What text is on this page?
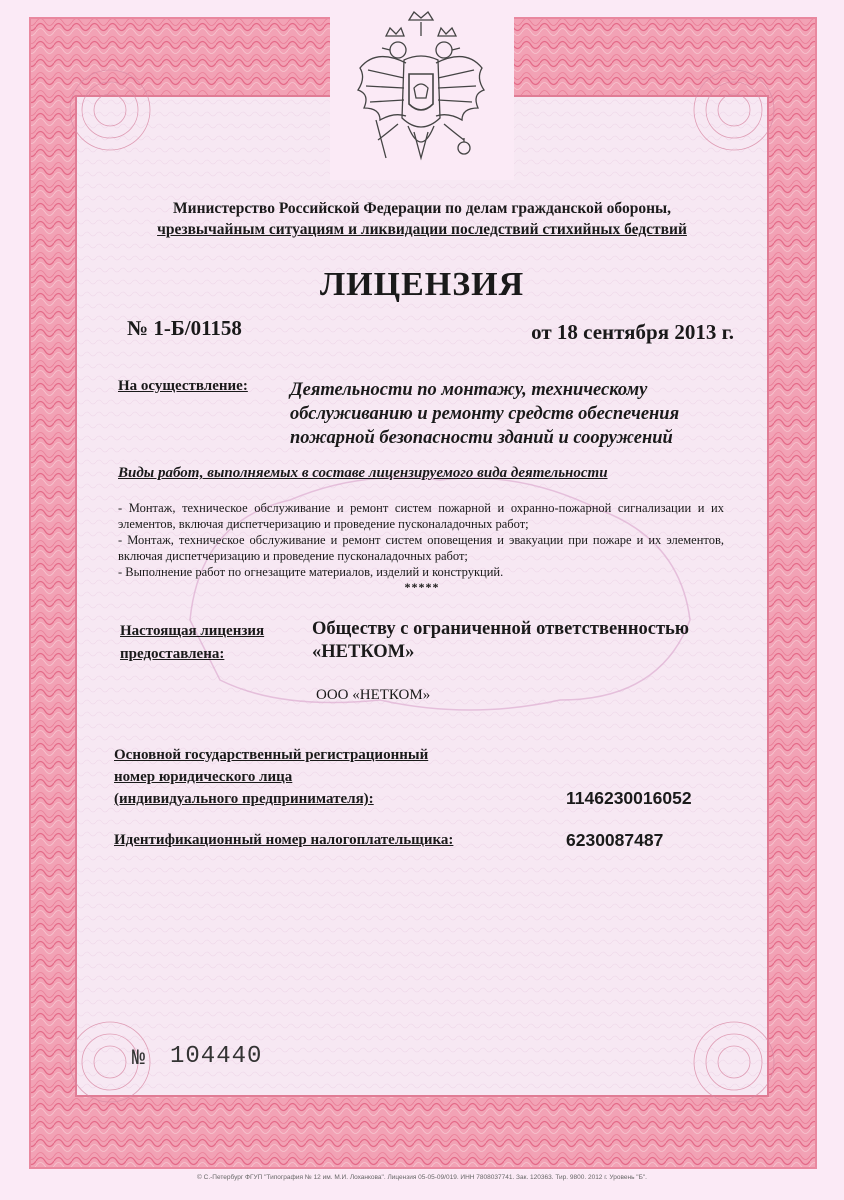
Министерство Российской Федерации по делам гражданской обороны,
чрезвычайным ситуациям и ликвидации последствий стихийных бедствий
ЛИЦЕНЗИЯ
№ 1-Б/01158	от 18 сентября 2013 г.
На осуществление: Деятельности по монтажу, техническому обслуживанию и ремонту средств обеспечения пожарной безопасности зданий и сооружений
Виды работ, выполняемых в составе лицензируемого вида деятельности

- Монтаж, техническое обслуживание и ремонт систем пожарной и охранно-пожарной сигнализации и их элементов, включая диспетчеризацию и проведение пусконаладочных работ;

- Монтаж, техническое обслуживание и ремонт систем оповещения и эвакуации при пожаре и их элементов, включая диспетчеризацию и проведение пусконаладочных работ;

- Выполнение работ по огнезащите материалов, изделий и конструкций.

*****
Настоящая лицензия
предоставлена:
Обществу с ограниченной ответственностью
«НЕТКОМ»
ООО «НЕТКОМ»
Основной государственный регистрационный
номер юридического лица
(индивидуального предпринимателя):	1146230016052
Идентификационный номер налогоплательщика:	6230087487
№ 104440
© С.-Петербург ФГУП "Типография № 12 им. М.И. Лоханкова". Лицензия 05-05-09/019. ИНН 7808037741. Зак. 120363. Тир. 9800. 2012 г. Уровень "Б".
